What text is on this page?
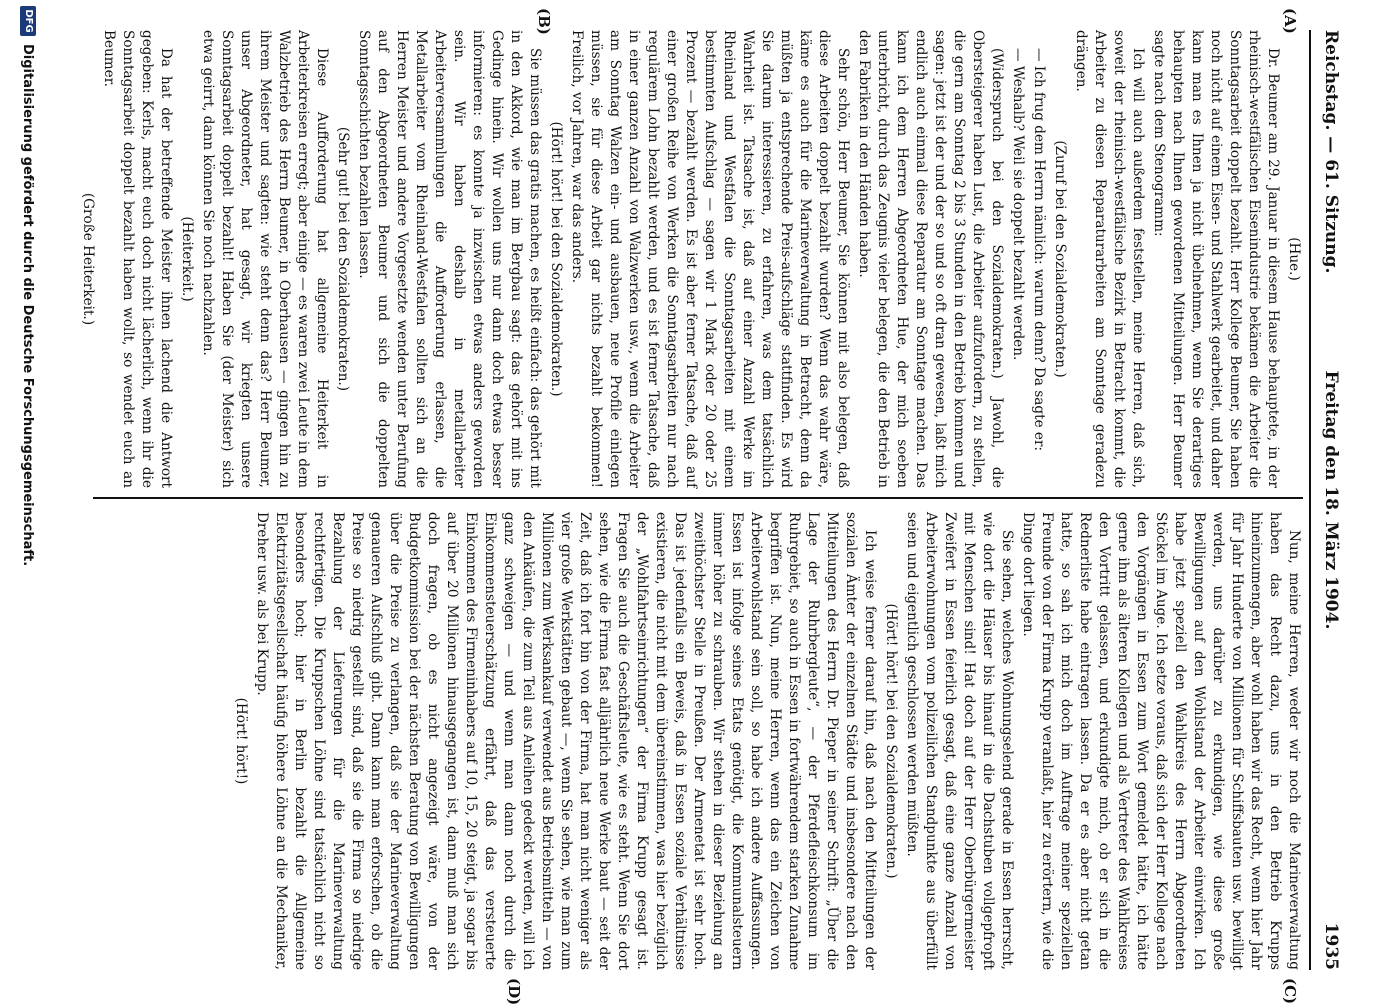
Reichstag. — 61. Sitzung.
Freitag den 18. März 1904.
1935
(A)
(B)
(C)
(D)

(Hue.)

Dr. Beumer am 29. Januar in diesem Hause behauptete, in der rheinisch-westfälischen Eisenindustrie bekämen die Arbeiter die Sonntagsarbeit doppelt bezahlt. Herr Kollege Beumer, Sie haben noch nicht auf einem Eisen- und Stahlwerk gearbeitet, und daher kann man es Ihnen ja nicht übelnehmen, wenn Sie derartiges behaupten nach Ihnen gewordenen Mitteilungen. Herr Beumer sagte nach dem Stenogramm:

Ich will auch außerdem feststellen, meine Herren, daß sich, soweit der rheinisch-westfälische Bezirk in Betracht kommt, die Arbeiter zu diesen Reparaturarbeiten am Sonntage geradezu drängen.

(Zuruf bei den Sozialdemokraten.)

— Ich frug dem Herrn nämlich: warum denn? Da sagte er:

— Weshalb? Weil sie doppelt bezahlt werden.

(Widerspruch bei den Sozialdemokraten.) Jawohl, die Obersteigerer haben Lust, die Arbeiter aufzufordern, zu stellen, die gern am Sonntag 2 bis 3 Stunden in den Betrieb kommen und sagen: jetzt ist der und der so und so oft dran gewesen, laßt mich endlich auch einmal diese Reparatur am Sonntage machen. Das kann ich dem Herren Abgeordneten Hue, der mich soeben unterbricht, durch das Zeugnis vieler belegen, die den Betrieb in den Fabriken in den Händen haben.

Sehr schön, Herr Beumer, Sie können mit also belegen, daß diese Arbeiten doppelt bezahlt wurden? Wenn das wahr wäre, käme es auch für die Marineverwaltung in Betracht, denn da müßten ja entsprechende Preis-aufschläge stattfinden. Es wird Sie darum interessieren, zu erfahren, was dem tatsächlich Wahrheit ist. Tatsache ist, daß auf einer Anzahl Werke im Rheinland und Westfalen die Sonntagsarbeiten mit einem bestimmten Aufschlag — sagen wir 1 Mark oder 20 oder 25 Prozent — bezahlt werden. Es ist aber ferner Tatsache, daß auf einer großen Reihe von Werken die Sonntagsarbeiten nur nach regulärem Lohn bezahlt werden, und es ist ferner Tatsache, daß in einer ganzen Anzahl von Walzwerken usw., wenn die Arbeiter am Sonntag Walzen ein- und ausbauen, neue Profile einlegen müssen, sie für diese Arbeit gar nichts bezahlt bekommen! Freilich, vor Jahren, war das anders.

(Hört! hört! bei den Sozialdemokraten.)

Sie müssen das gratis machen, es heißt einfach: das gehört mit in den Akkord, wie man im Bergbau sagt: das gehört mit ins Gedinge hinein. Wir wollen uns nur dann doch etwas besser informieren: es konnte ja inzwischen etwas anders geworden sein. Wir haben deshalb in metallarbeiter Arbeiterversammlungen die Aufforderung erlassen, die Metallarbeiter vom Rheinland-Westfalen sollten sich an die Herren Meister und andere Vorgesetzte wenden unter Berufung auf den Abgeordneten Beumer und sich die doppelten Sonntagsschichten bezahlen lassen.

(Sehr gut! bei den Sozialdemokraten.)

Diese Aufforderung hat allgemeine Heiterkeit in Arbeiterkreisen erregt; aber einige — es waren zwei Leute in dem Walzbetrieb des Herrn Beumer, in Oberhausen — gingen hin zu ihrem Meister und sagten: wie steht denn das? Herr Beumer, unser Abgeordneter, hat gesagt, wir kriegten unsere Sonntagsarbeit doppelt bezahlt! Haben Sie (der Meister) sich etwa geirrt, dann können Sie noch nachzahlen.

(Heiterkeit.)

Da hat der betreffende Meister ihnen lachend die Antwort gegeben: Kerls, macht euch doch nicht lächerlich, wenn ihr die Sonntagsarbeit doppelt bezahlt haben wollt, so wendet euch an Beumer.

(Große Heiterkeit.)

Nun, meine Herren, weder wir noch die Marineverwaltung haben das Recht dazu, uns in den Betrieb Krupps hineinzumengen, aber wohl haben wir das Recht, wenn hier Jahr für Jahr Hunderte von Millionen für Schiffsbauten usw. bewilligt werden, uns darüber zu erkundigen, wie diese große Bewilligungen auf den Wohlstand der Arbeiter einwirken. Ich habe jetzt speziell den Wahlkreis des Herrn Abgeordneten Stöckel im Auge. Ich setze voraus, daß sich der Herr Kollege nach den Vorgängen in Essen zum Wort gemeldet hätte, ich hätte gerne ihm als älteren Kollegen und als Vertreter des Wahlkreises den Vortritt gelassen, und erkundigte mich, ob er sich in die Rednerliste habe eintragen lassen. Da er es aber nicht getan hatte, so sah ich mich doch im Auftrage meiner speziellen Freunde von der Firma Krupp veranlaßt, hier zu erörtern, wie die Dinge dort liegen.

Sie sehen, welches Wohnungselend gerade in Essen herrscht, wie dort die Häuser bis hinauf in die Dachstuben vollgepfropft mit Menschen sind! Hat doch auf der Herr Oberbürgermeister Zweifert in Essen feierlich gesagt, daß eine ganze Anzahl von Arbeiterwohnungen vom polizeilichen Standpunkte aus überfüllt seien und eigentlich geschlossen werden müßten.

(Hört! hört! bei den Sozialdemokraten.)

Ich weise ferner darauf hin, daß nach den Mitteilungen der sozialen Ämter der einzelnen Städte und insbesondere nach den Mitteilungen des Herrn Dr. Pieper in seiner Schrift: „Über die Lage der Ruhrbergleute“, — der Pferdefleischkonsum im Ruhrgebiet, so auch in Essen in fortwährendem starken Zunahme begriffen ist. Nun, meine Herren, wenn das ein Zeichen von Arbeiterwohlstand sein soll, so habe ich andere Auffassungen. Essen ist infolge seines Etats genötigt, die Kommunalsteuern immer höher zu schrauben. Wir stehen in dieser Beziehung an zweithöchster Stelle in Preußen. Der Armenetat ist sehr hoch. Das ist jedenfalls ein Beweis, daß in Essen soziale Verhältnisse existieren, die nicht mit dem übereinstimmen, was hier bezüglich der „Wohlfahrtseinrichtungen“ der Firma Krupp gesagt ist. Fragen Sie auch die Geschäftsleute, wie es steht. Wenn Sie dort sehen, wie die Firma fast alljährlich neue Werke baut — seit der Zeit, daß ich fort bin von der Firma, hat man nicht weniger als vier große Werkstätten gebaut —, wenn Sie sehen, wie man zum Millionen zum Werksankauf verwendet aus Betriebsmitteln — von den Ankäufen, die zum Teil aus Anleihen gedeckt werden, will ich ganz schweigen — und wenn man dann noch durch die Einkommensteuerschätzung erfährt, daß das versteuerte Einkommen des Firmeninhabers auf 10, 15, 20 steigt, ja sogar bis auf über 20 Millionen hinausgegangen ist, dann muß man sich doch fragen, ob es nicht angezeigt wäre, von der Budgetkommission bei der nächsten Beratung von Bewilligungen über die Preise zu verlangen, daß sie der Marineverwaltung genaueren Aufschluß gibt. Dann kann man erforschen, ob die Preise so niedrig gestellt sind, daß sie die Firma so niedrige Bezahlung der Lieferungen für die Marineverwaltung rechtfertigen. Die Kruppschen Löhne sind tatsächlich nicht so besonders hoch; hier in Berlin bezahlt die Allgemeine Elektrizitätsgesellschaft häufig höhere Löhne an die Mechaniker, Dreher usw. als bei Krupp.

(Hört! hört!)

DFG
Digitalisierung gefördert durch die Deutsche Forschungsgemeinschaft.
